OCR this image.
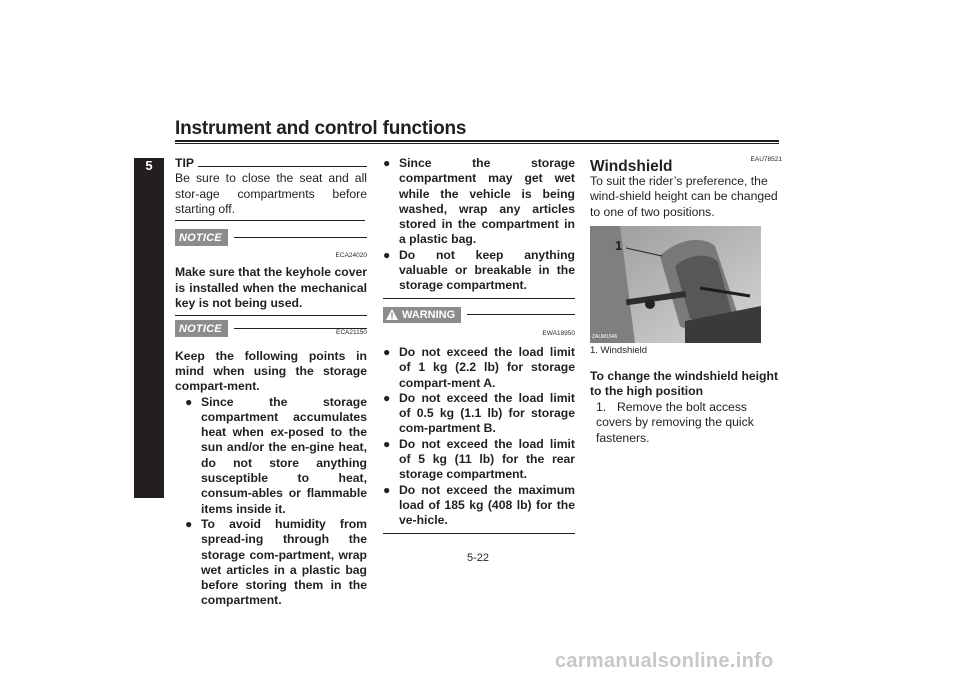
Instrument and control functions
5	TIP
Be sure to close the seat and all stor-age compartments before starting off.
NOTICE
ECA24020
Make sure that the keyhole cover is installed when the mechanical key is not being used.
NOTICE	ECA21150
Keep the following points in mind when using the storage compart-ment.
● Since the storage compartment accumulates heat when ex-posed to the sun and/or the en-gine heat, do not store anything susceptible to heat, consum-ables or flammable items inside it.
● To avoid humidity from spread-ing through the storage com-partment, wrap wet articles in a plastic bag before storing them in the compartment.
● Since the storage compartment may get wet while the vehicle is being washed, wrap any articles stored in the compartment in a plastic bag.
● Do not keep anything valuable or breakable in the storage compartment.
WARNING
EWA18950
● Do not exceed the load limit of 1 kg (2.2 lb) for storage compart-ment A.
● Do not exceed the load limit of 0.5 kg (1.1 lb) for storage com-partment B.
● Do not exceed the load limit of 5 kg (11 lb) for the rear storage compartment.
● Do not exceed the maximum load of 185 kg (408 lb) for the ve-hicle.
EAU78521
Windshield
To suit the rider’s preference, the wind-shield height can be changed to one of two positions.
1
ZAUM1646
1. Windshield
To change the windshield height to the high position
1. Remove the bolt access covers by removing the quick fasteners.
5-22
carmanualsonline.info
